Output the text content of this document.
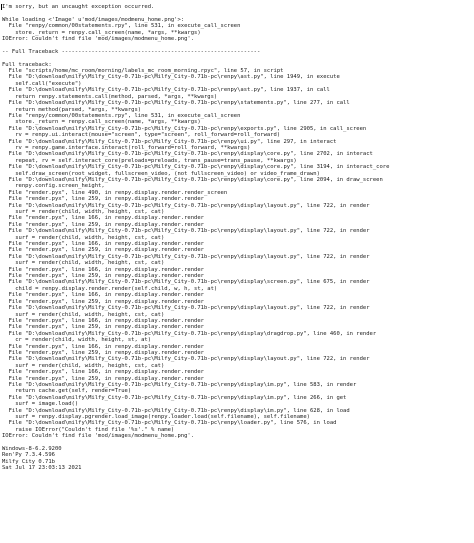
I'm sorry, but an uncaught exception occurred.

While loading <'Image' u'mod/images/modmenu_home.png'>:
File "renpy/common/00statements.rpy", line 531, in execute_call_screen
store._return = renpy.call_screen(name, *args, **kwargs)
IOError: Couldn't find file 'mod/images/modmenu_home.png'.

-- Full Traceback ------------------------------------------------------------

Full traceback:
File "scripts/home/mc_room/morning/labels_mc_room_morning.rpyc", line 57, in script
File "D:\download\milfy\Milfy_City-0.71b-pc\Milfy_City-0.71b-pc\renpy\ast.py", line 1949, in execute
self.call("execute")
File "D:\download\milfy\Milfy_City-0.71b-pc\Milfy_City-0.71b-pc\renpy\ast.py", line 1937, in call
return renpy.statements.call(method, parsed, *args, **kwargs)
File "D:\download\milfy\Milfy_City-0.71b-pc\Milfy_City-0.71b-pc\renpy\statements.py", line 277, in call
return method(parsed, *args, **kwargs)
File "renpy/common/00statements.rpy", line 531, in execute_call_screen
store._return = renpy.call_screen(name, *args, **kwargs)
File "D:\download\milfy\Milfy_City-0.71b-pc\Milfy_City-0.71b-pc\renpy\exports.py", line 2905, in call_screen
rv = renpy.ui.interact(mouse="screen", type="screen", roll_forward=roll_forward)
File "D:\download\milfy\Milfy_City-0.71b-pc\Milfy_City-0.71b-pc\renpy\ui.py", line 297, in interact
rv = renpy.game.interface.interact(roll_forward=roll_forward, **kwargs)
File "D:\download\milfy\Milfy_City-0.71b-pc\Milfy_City-0.71b-pc\renpy\display\core.py", line 2702, in interact
repeat, rv = self.interact_core(preloads=preloads, trans_pause=trans_pause, **kwargs)
File "D:\download\milfy\Milfy_City-0.71b-pc\Milfy_City-0.71b-pc\renpy\display\core.py", line 3194, in interact_core
self.draw_screen(root_widget, fullscreen_video, (not fullscreen_video) or video_frame_drawn)
File "D:\download\milfy\Milfy_City-0.71b-pc\Milfy_City-0.71b-pc\renpy\display\core.py", line 2094, in draw_screen
renpy.config.screen_height,
File "render.pyx", line 490, in renpy.display.render.render_screen
File "render.pyx", line 259, in renpy.display.render.render
File "D:\download\milfy\Milfy_City-0.71b-pc\Milfy_City-0.71b-pc\renpy\display\layout.py", line 722, in render
surf = render(child, width, height, cst, cat)
File "render.pyx", line 166, in renpy.display.render.render
File "render.pyx", line 259, in renpy.display.render.render
File "D:\download\milfy\Milfy_City-0.71b-pc\Milfy_City-0.71b-pc\renpy\display\layout.py", line 722, in render
surf = render(child, width, height, cst, cat)
File "render.pyx", line 166, in renpy.display.render.render
File "render.pyx", line 259, in renpy.display.render.render
File "D:\download\milfy\Milfy_City-0.71b-pc\Milfy_City-0.71b-pc\renpy\display\layout.py", line 722, in render
surf = render(child, width, height, cst, cat)
File "render.pyx", line 166, in renpy.display.render.render
File "render.pyx", line 259, in renpy.display.render.render
File "D:\download\milfy\Milfy_City-0.71b-pc\Milfy_City-0.71b-pc\renpy\display\screen.py", line 675, in render
child = renpy.display.render.render(self.child, w, h, st, at)
File "render.pyx", line 166, in renpy.display.render.render
File "render.pyx", line 259, in renpy.display.render.render
File "D:\download\milfy\Milfy_City-0.71b-pc\Milfy_City-0.71b-pc\renpy\display\layout.py", line 722, in render
surf = render(child, width, height, cst, cat)
File "render.pyx", line 166, in renpy.display.render.render
File "render.pyx", line 259, in renpy.display.render.render
File "D:\download\milfy\Milfy_City-0.71b-pc\Milfy_City-0.71b-pc\renpy\display\dragdrop.py", line 460, in render
cr = render(child, width, height, st, at)
File "render.pyx", line 166, in renpy.display.render.render
File "render.pyx", line 259, in renpy.display.render.render
File "D:\download\milfy\Milfy_City-0.71b-pc\Milfy_City-0.71b-pc\renpy\display\layout.py", line 722, in render
surf = render(child, width, height, cst, cat)
File "render.pyx", line 166, in renpy.display.render.render
File "render.pyx", line 259, in renpy.display.render.render
File "D:\download\milfy\Milfy_City-0.71b-pc\Milfy_City-0.71b-pc\renpy\display\im.py", line 583, in render
return cache.get(self, render=True)
File "D:\download\milfy\Milfy_City-0.71b-pc\Milfy_City-0.71b-pc\renpy\display\im.py", line 266, in get
surf = image.load()
File "D:\download\milfy\Milfy_City-0.71b-pc\Milfy_City-0.71b-pc\renpy\display\im.py", line 628, in load
surf = renpy.display.pgrender.load_image(renpy.loader.load(self.filename), self.filename)
File "D:\download\milfy\Milfy_City-0.71b-pc\Milfy_City-0.71b-pc\renpy\loader.py", line 576, in load
raise IOError("Couldn't find file '%s'." % name)
IOError: Couldn't find file 'mod/images/modmenu_home.png'.

Windows-8-6.2.9200
Ren'Py 7.3.4.596
Milfy City 0.71b
Sat Jul 17 23:03:13 2021
